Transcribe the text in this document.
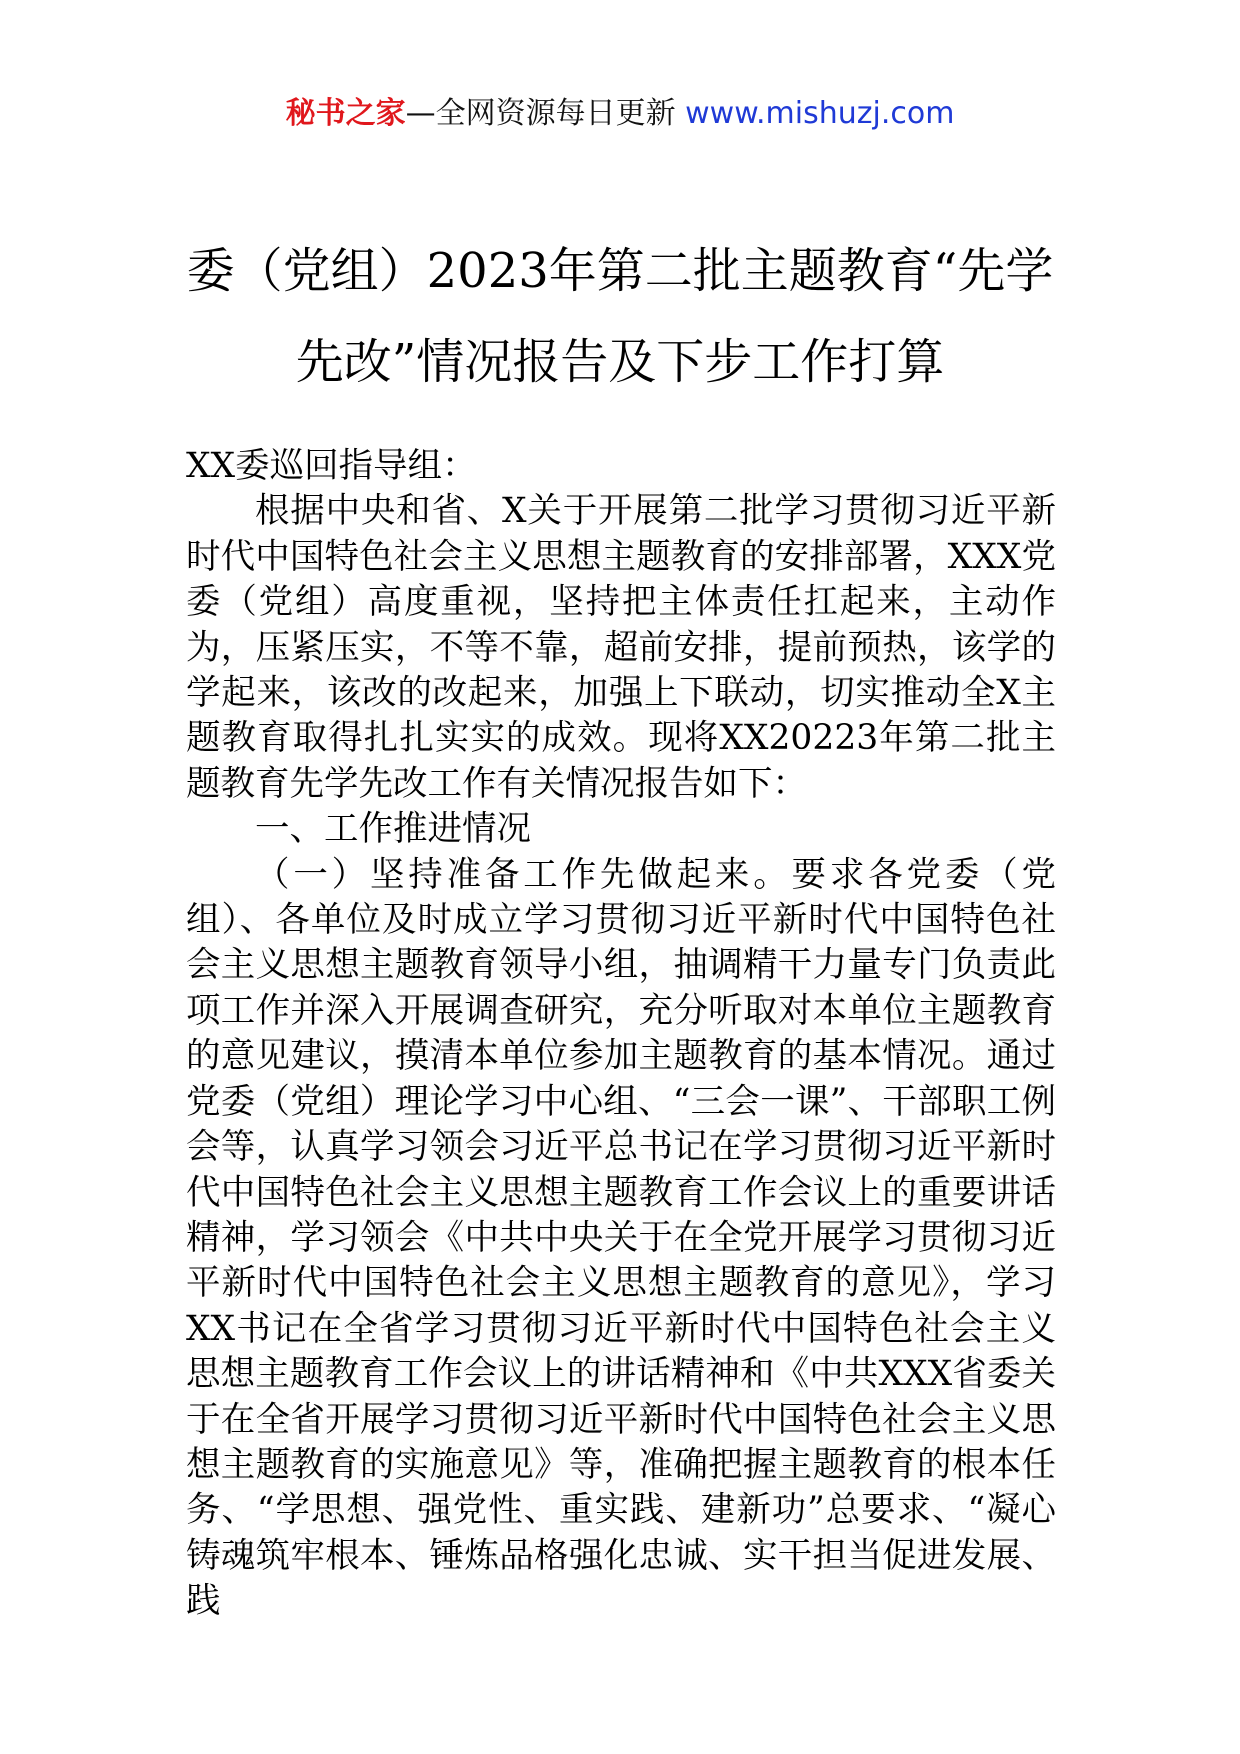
秘书之家—全网资源每日更新 www.mishuzj.com
委（党组）2023年第二批主题教育“先学
先改”情况报告及下步工作打算

XX委巡回指导组：

根据中央和省、X关于开展第二批学习贯彻习近平新时代中国特色社会主义思想主题教育的安排部署，XXX党委（党组）高度重视，坚持把主体责任扛起来，主动作为，压紧压实，不等不靠，超前安排，提前预热，该学的学起来，该改的改起来，加强上下联动，切实推动全X主题教育取得扎扎实实的成效。现将XX20223年第二批主题教育先学先改工作有关情况报告如下：

一、工作推进情况

（一）坚持准备工作先做起来。要求各党委（党组）、各单位及时成立学习贯彻习近平新时代中国特色社会主义思想主题教育领导小组，抽调精干力量专门负责此项工作并深入开展调查研究，充分听取对本单位主题教育的意见建议，摸清本单位参加主题教育的基本情况。通过党委（党组）理论学习中心组、“三会一课”、干部职工例会等，认真学习领会习近平总书记在学习贯彻习近平新时代中国特色社会主义思想主题教育工作会议上的重要讲话精神，学习领会《中共中央关于在全党开展学习贯彻习近平新时代中国特色社会主义思想主题教育的意见》，学习XX书记在全省学习贯彻习近平新时代中国特色社会主义思想主题教育工作会议上的讲话精神和《中共XXX省委关于在全省开展学习贯彻习近平新时代中国特色社会主义思想主题教育的实施意见》等，准确把握主题教育的根本任务、“学思想、强党性、重实践、建新功”总要求、“凝心铸魂筑牢根本、锤炼品格强化忠诚、实干担当促进发展、践
